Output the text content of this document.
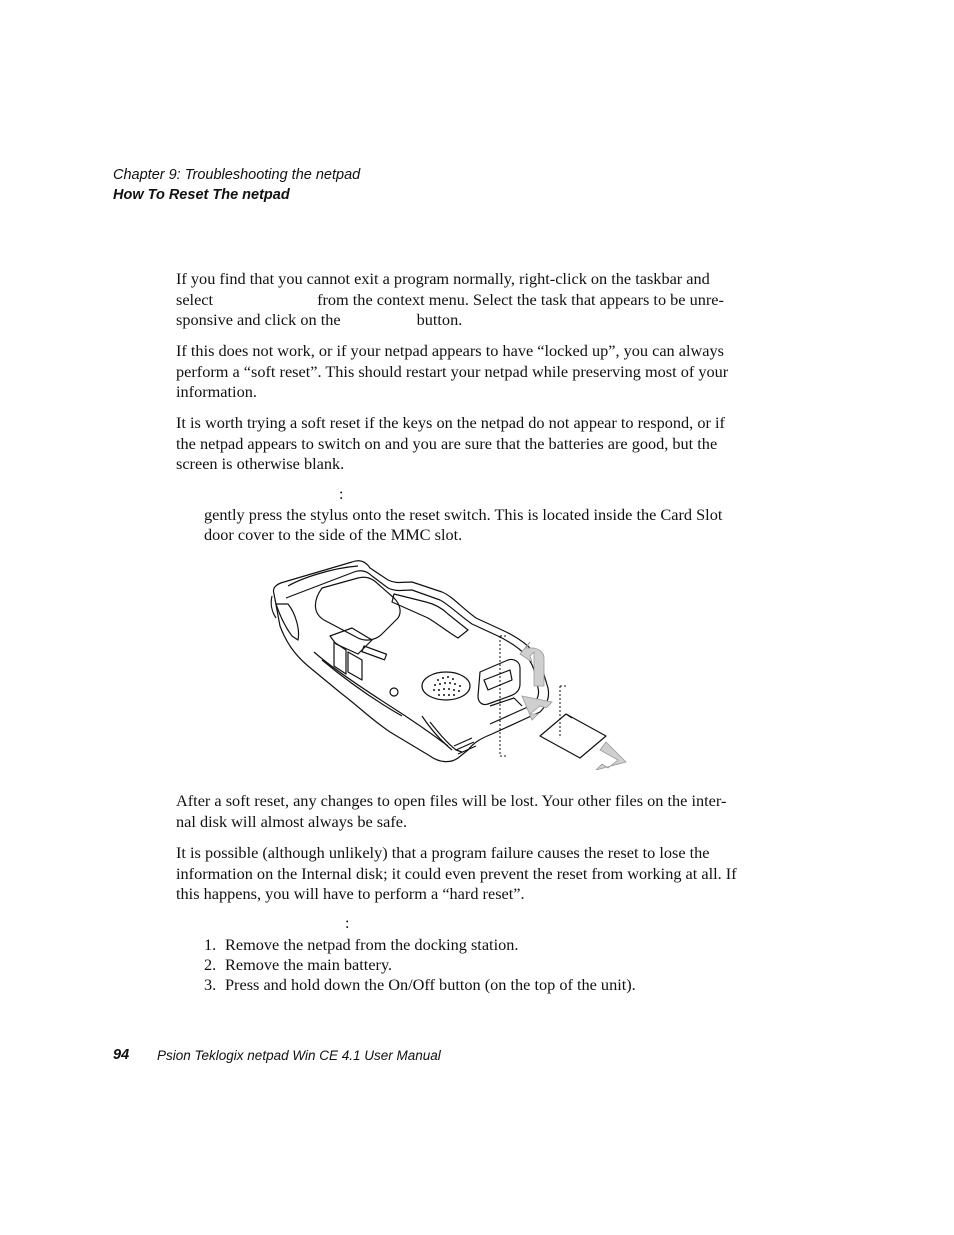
Chapter 9: Troubleshooting the netpad
How To Reset The netpad

If you find that you cannot exit a program normally, right-click on the taskbar and

select	from the context menu. Select the task that appears to be unre-

sponsive and click on the	button.

If this does not work, or if your netpad appears to have “locked up”, you can always perform a “soft reset”. This should restart your netpad while preserving most of your information.

It is worth trying a soft reset if the keys on the netpad do not appear to respond, or if the netpad appears to switch on and you are sure that the batteries are good, but the screen is otherwise blank.

:

gently press the stylus onto the reset switch. This is located inside the Card Slot door cover to the side of the MMC slot.

After a soft reset, any changes to open files will be lost. Your other files on the inter-nal disk will almost always be safe.

It is possible (although unlikely) that a program failure causes the reset to lose the information on the Internal disk; it could even prevent the reset from working at all. If this happens, you will have to perform a “hard reset”.

:
1. Remove the netpad from the docking station.
2. Remove the main battery.
3. Press and hold down the On/Off button (on the top of the unit).
94 Psion Teklogix netpad Win CE 4.1 User Manual
